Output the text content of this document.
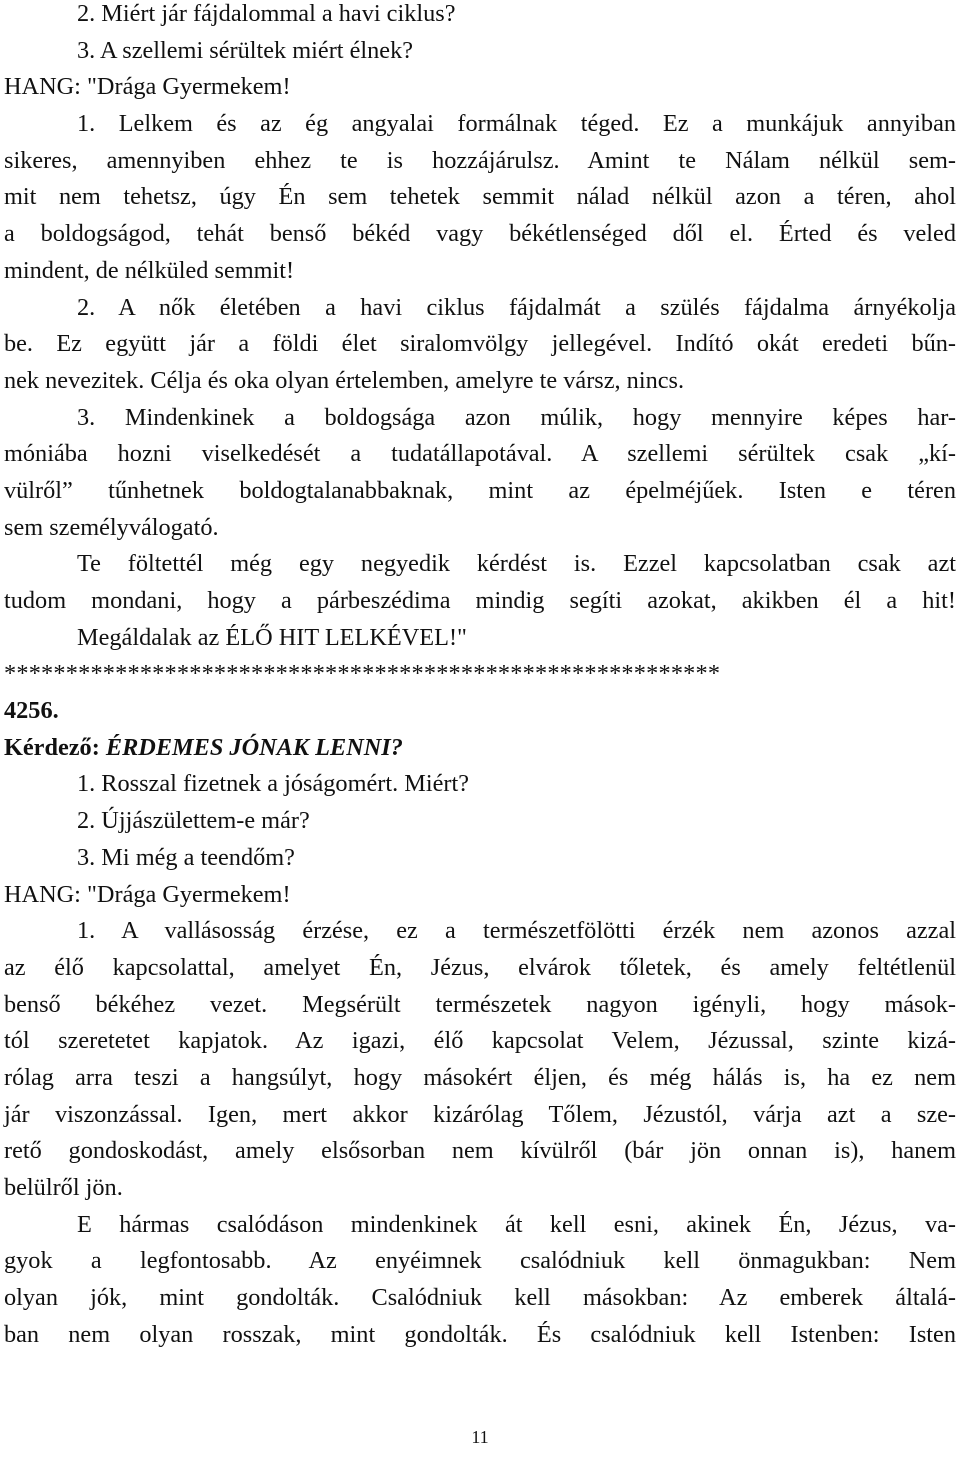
2. Miért jár fájdalommal a havi ciklus?
3. A szellemi sérültek miért élnek?
HANG: "Drága Gyermekem!
1. Lelkem és az ég angyalai formálnak téged. Ez a munkájuk annyiban
sikeres, amennyiben ehhez te is hozzájárulsz. Amint te Nálam nélkül sem-
mit nem tehetsz, úgy Én sem tehetek semmit nálad nélkül azon a téren, ahol
a boldogságod, tehát benső békéd vagy békétlenséged dől el. Érted és veled
mindent, de nélküled semmit!
2. A nők életében a havi ciklus fájdalmát a szülés fájdalma árnyékolja
be. Ez együtt jár a földi élet siralomvölgy jellegével. Indító okát eredeti bűn-
nek nevezitek. Célja és oka olyan értelemben, amelyre te vársz, nincs.
3. Mindenkinek a boldogsága azon múlik, hogy mennyire képes har-
móniába hozni viselkedését a tudatállapotával. A szellemi sérültek csak „kí-
vülről” tűnhetnek boldogtalanabbaknak, mint az épelméjűek. Isten e téren
sem személyválogató.
Te föltettél még egy negyedik kérdést is. Ezzel kapcsolatban csak azt
tudom mondani, hogy a párbeszédima mindig segíti azokat, akikben él a hit!
Megáldalak az ÉLŐ HIT LELKÉVEL!"
**********************************************************
4256.
Kérdező: ÉRDEMES JÓNAK LENNI?
1. Rosszal fizetnek a jóságomért. Miért?
2. Újjászülettem-e már?
3. Mi még a teendőm?
HANG: "Drága Gyermekem!
1. A vallásosság érzése, ez a természetfölötti érzék nem azonos azzal
az élő kapcsolattal, amelyet Én, Jézus, elvárok tőletek, és amely feltétlenül
benső békéhez vezet. Megsérült természetek nagyon igényli, hogy mások-
tól szeretetet kapjatok. Az igazi, élő kapcsolat Velem, Jézussal, szinte kizá-
rólag arra teszi a hangsúlyt, hogy másokért éljen, és még hálás is, ha ez nem
jár viszonzással. Igen, mert akkor kizárólag Tőlem, Jézustól, várja azt a sze-
rető gondoskodást, amely elsősorban nem kívülről (bár jön onnan is), hanem
belülről jön.
E hármas csalódáson mindenkinek át kell esni, akinek Én, Jézus, va-
gyok a legfontosabb. Az enyéimnek csalódniuk kell önmagukban: Nem
olyan jók, mint gondolták. Csalódniuk kell másokban: Az emberek általá-
ban nem olyan rosszak, mint gondolták. És csalódniuk kell Istenben: Isten
11
